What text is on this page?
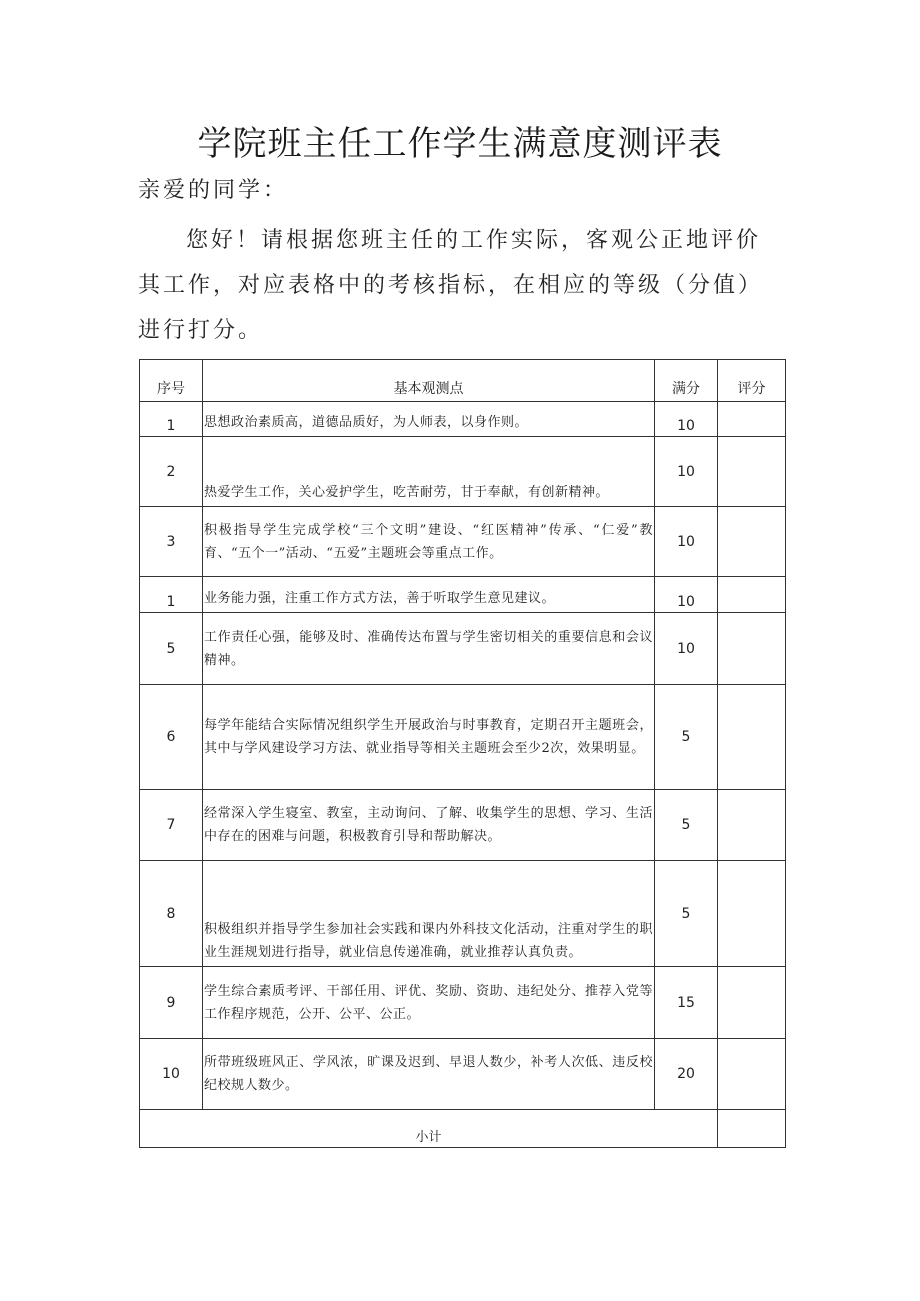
学院班主任工作学生满意度测评表
亲爱的同学：

您好！请根据您班主任的工作实际，客观公正地评价其工作，对应表格中的考核指标，在相应的等级（分值）进行打分。

序号	基本观测点	满分	评分
1	思想政治素质高，道德品质好，为人师表，以身作则。	10	
2	热爱学生工作，关心爱护学生，吃苦耐劳，甘于奉献，有创新精神。	10	
3	积极指导学生完成学校“三个文明”建设、“红医精神”传承、“仁爱”教育、“五个一”活动、“五爱”主题班会等重点工作。	10	
1	业务能力强，注重工作方式方法，善于听取学生意见建议。	10	
5	工作责任心强，能够及时、准确传达布置与学生密切相关的重要信息和会议精神。	10	
6	每学年能结合实际情况组织学生开展政治与时事教育，定期召开主题班会，其中与学风建设学习方法、就业指导等相关主题班会至少2次，效果明显。	5	
7	经常深入学生寝室、教室，主动询问、了解、收集学生的思想、学习、生活中存在的困难与问题，积极教育引导和帮助解决。	5	
8	积极组织并指导学生参加社会实践和课内外科技文化活动，注重对学生的职业生涯规划进行指导，就业信息传递准确，就业推荐认真负责。	5	
9	学生综合素质考评、干部任用、评优、奖励、资助、违纪处分、推荐入党等工作程序规范，公开、公平、公正。	15	
10	所带班级班风正、学风浓，旷课及迟到、早退人数少，补考人次低、违反校纪校规人数少。	20	
小计			
